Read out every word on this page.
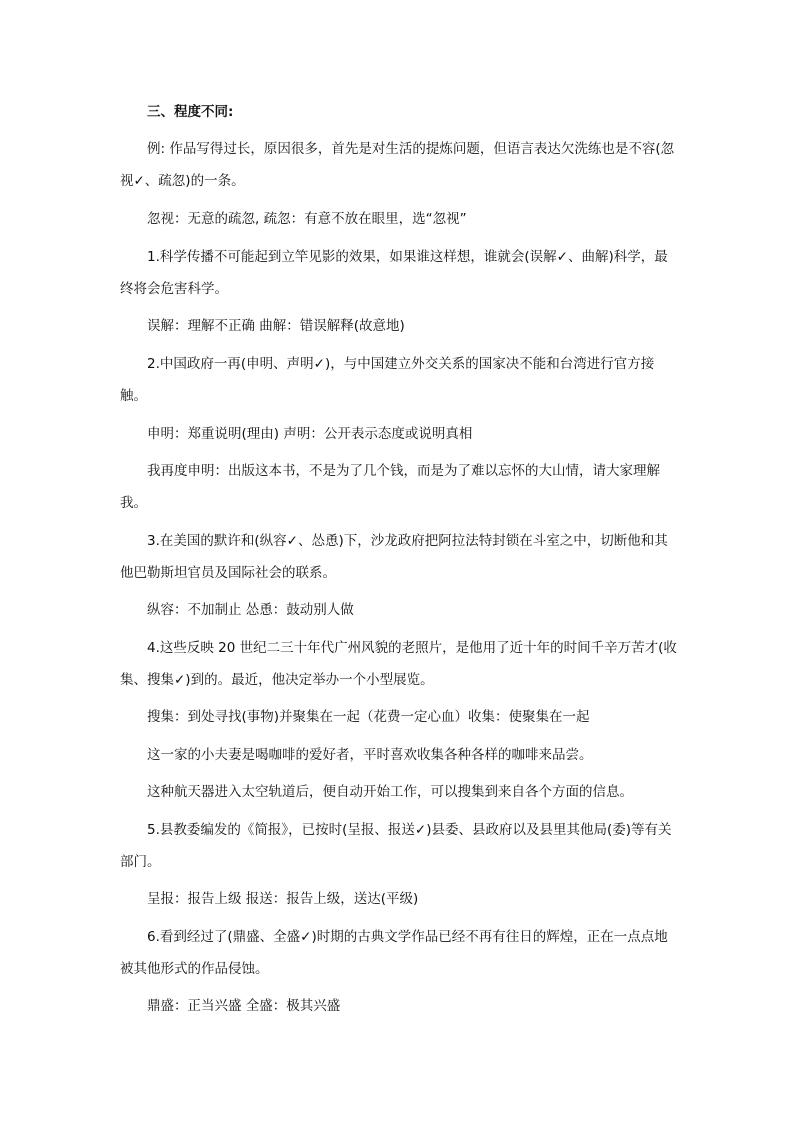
三、程度不同:

例: 作品写得过长，原因很多，首先是对生活的提炼问题，但语言表达欠洗练也是不容(忽视✓、疏忽)的一条。

忽视：无意的疏忽, 疏忽：有意不放在眼里，选“忽视”

1.科学传播不可能起到立竿见影的效果，如果谁这样想，谁就会(误解✓、曲解)科学，最终将会危害科学。

误解：理解不正确 曲解：错误解释(故意地)

2.中国政府一再(申明、声明✓)，与中国建立外交关系的国家决不能和台湾进行官方接触。

申明：郑重说明(理由) 声明：公开表示态度或说明真相

我再度申明：出版这本书，不是为了几个钱，而是为了难以忘怀的大山情，请大家理解我。

3.在美国的默许和(纵容✓、怂恿)下，沙龙政府把阿拉法特封锁在斗室之中，切断他和其他巴勒斯坦官员及国际社会的联系。

纵容：不加制止 怂恿：鼓动别人做

4.这些反映 20 世纪二三十年代广州风貌的老照片，是他用了近十年的时间千辛万苦才(收集、搜集✓)到的。最近，他决定举办一个小型展览。

搜集：到处寻找(事物)并聚集在一起（花费一定心血）收集：使聚集在一起

这一家的小夫妻是喝咖啡的爱好者，平时喜欢收集各种各样的咖啡来品尝。

这种航天器进入太空轨道后，便自动开始工作，可以搜集到来自各个方面的信息。

5.县教委编发的《简报》，已按时(呈报、报送✓)县委、县政府以及县里其他局(委)等有关部门。

呈报：报告上级 报送：报告上级，送达(平级)

6.看到经过了(鼎盛、全盛✓)时期的古典文学作品已经不再有往日的辉煌，正在一点点地被其他形式的作品侵蚀。

鼎盛：正当兴盛 全盛：极其兴盛
